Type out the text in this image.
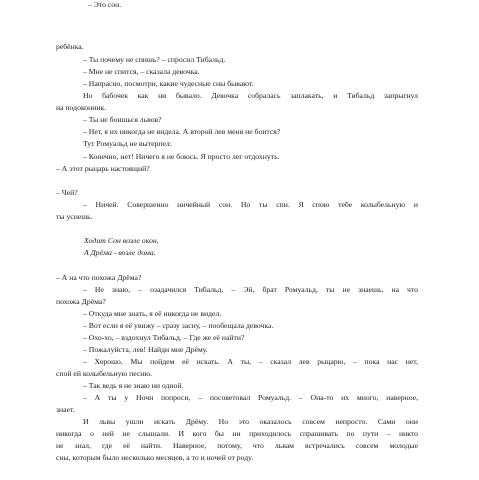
ребёнка.
– Ты почему не спишь? – спросил Тибальд.
– Мне не спится, – сказала девочка.
– Напрасно, посмотри, какие чудесные сны бывают.
Но бабочек как ни бывало. Девочка собралась заплакать, и Тибальд запрыгнул
на подоконник.
– Ты не боишься львов?
– Нет, я их никогда не видела. А второй лев меня не боится?
Тут Ромуальд не вытерпел:
– Конечно, нет! Ничего я не боюсь. Я просто лег отдохнуть.
– А этот рыцарь настоящий?
– Это сон.
– Чей?
– Ничей. Совершенно ничейный сон. Но ты спи. Я спою тебе колыбельную и
ты уснешь.
Ходит Сон возле окон,
А Дрёма - возле дома.
– А на что похожа Дрёма?
– Не знаю, – озадачился Тибальд. – Эй, брат Ромуальд, ты не знаешь, на что
похожа Дрёма?
– Откуда мне знать, я её никогда не видел.
– Вот если я её увижу – сразу засну, – пообещала девочка.
– Охо-хо, – вздохнул Тибальд. – Где же её найти?
– Пожалуйста, лев! Найди мне Дрёму.
– Хорошо. Мы пойдем её искать. А ты, – сказал лев рыцарю, – пока нас нет,
спой ей колыбельную песню.
– Так ведь я не знаю ни одной.
– А ты у Ночи попроси, – посоветовал Ромуальд. – Она-то их много, наверное,
знает.
И львы ушли искать Дрёму. Но это оказалось совсем непросто. Сами они
никогда о ней не слышали. И кого бы ни приходилось спрашивать по пути – никто
не знал, где её найти. Наверное, потому, что львам встречались совсем молодые
сны, которым было несколько месяцев, а то и ночей от роду.
